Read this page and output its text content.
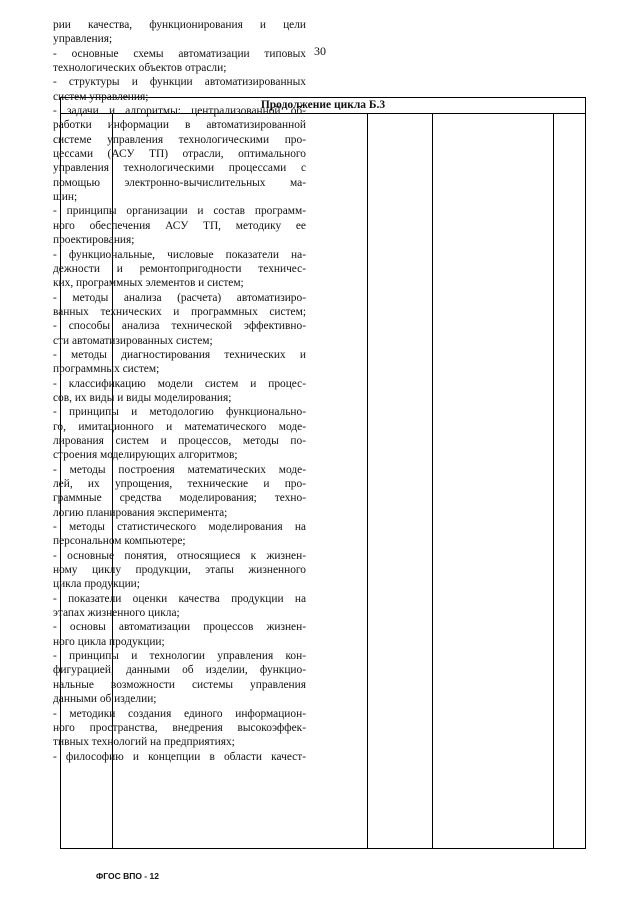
30
Продолжение цикла Б.3
рии качества, функционирования и цели
управления;
- основные схемы автоматизации типовых
технологических объектов отрасли;
- структуры и функции автоматизированных
систем управления;
- задачи и алгоритмы: централизованной об-
работки информации в автоматизированной
системе управления технологическими про-
цессами (АСУ ТП) отрасли, оптимального
управления технологическими процессами с
помощью электронно-вычислительных ма-
шин;
- принципы организации и состав программ-
ного обеспечения АСУ ТП, методику ее
проектирования;
- функциональные, числовые показатели на-
дежности и ремонтопригодности техничес-
ких, программных элементов и систем;
- методы анализа (расчета) автоматизиро-
ванных технических и программных систем;
- способы анализа технической эффективно-
сти автоматизированных систем;
- методы диагностирования технических и
программных систем;
- классификацию модели систем и процес-
сов, их виды и виды моделирования;
- принципы и методологию функционально-
го, имитационного и математического моде-
лирования систем и процессов, методы по-
строения моделирующих алгоритмов;
- методы построения математических моде-
лей, их упрощения, технические и про-
граммные средства моделирования; техно-
логию планирования эксперимента;
- методы статистического моделирования на
персональном компьютере;
- основные понятия, относящиеся к жизнен-
ному циклу продукции, этапы жизненного
цикла продукции;
- показатели оценки качества продукции на
этапах жизненного цикла;
- основы автоматизации процессов жизнен-
ного цикла продукции;
- принципы и технологии управления кон-
фигурацией, данными об изделии, функцио-
нальные возможности системы управления
данными об изделии;
- методики создания единого информацион-
ного пространства, внедрения высокоэффек-
тивных технологий на предприятиях;
- философию и концепции в области качест-
ФГОС ВПО - 12
